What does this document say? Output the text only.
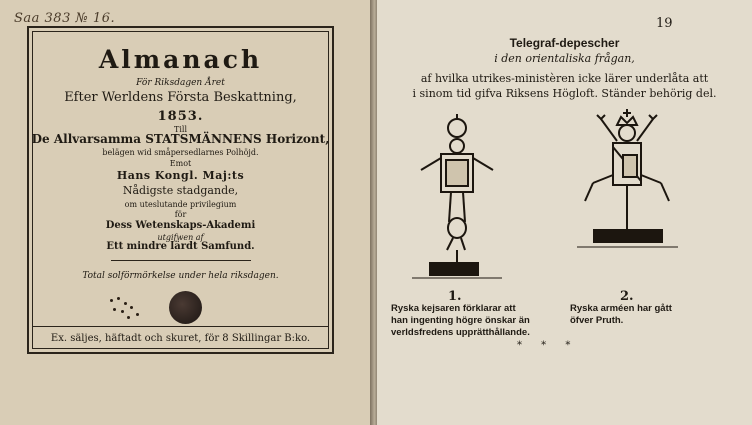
Saa 383 № 16.
Almanach
För Riksdagen Året
Efter Werldens Första Beskattning,
1853.
Till
De Allvarsamma STATSMÄNNENS Horizont,
belägen wid småpersedlarnes Polhöjd.
Emot
Hans Kongl. Maj:ts
Nådigste stadgande,
om uteslutande privilegium
för
Dess Wetenskaps-Akademi
utgifwen af
Ett mindre lärdt Samfund.
Total solförmörkelse under hela riksdagen.
Ex. säljes, häftadt och skuret, för 8 Skillingar B:ko.
19
Telegraf-depescher
i den orientaliska frågan,
af hvilka utrikes-ministèren icke lärer underlåta att
i sinom tid gifva Riksens Högloft. Ständer behörig del.
1.	2.
Ryska kejsaren förklarar att
han ingenting högre önskar än
verldsfredens upprätthållande.
Ryska arméen har gått
öfver Pruth.
* * *
